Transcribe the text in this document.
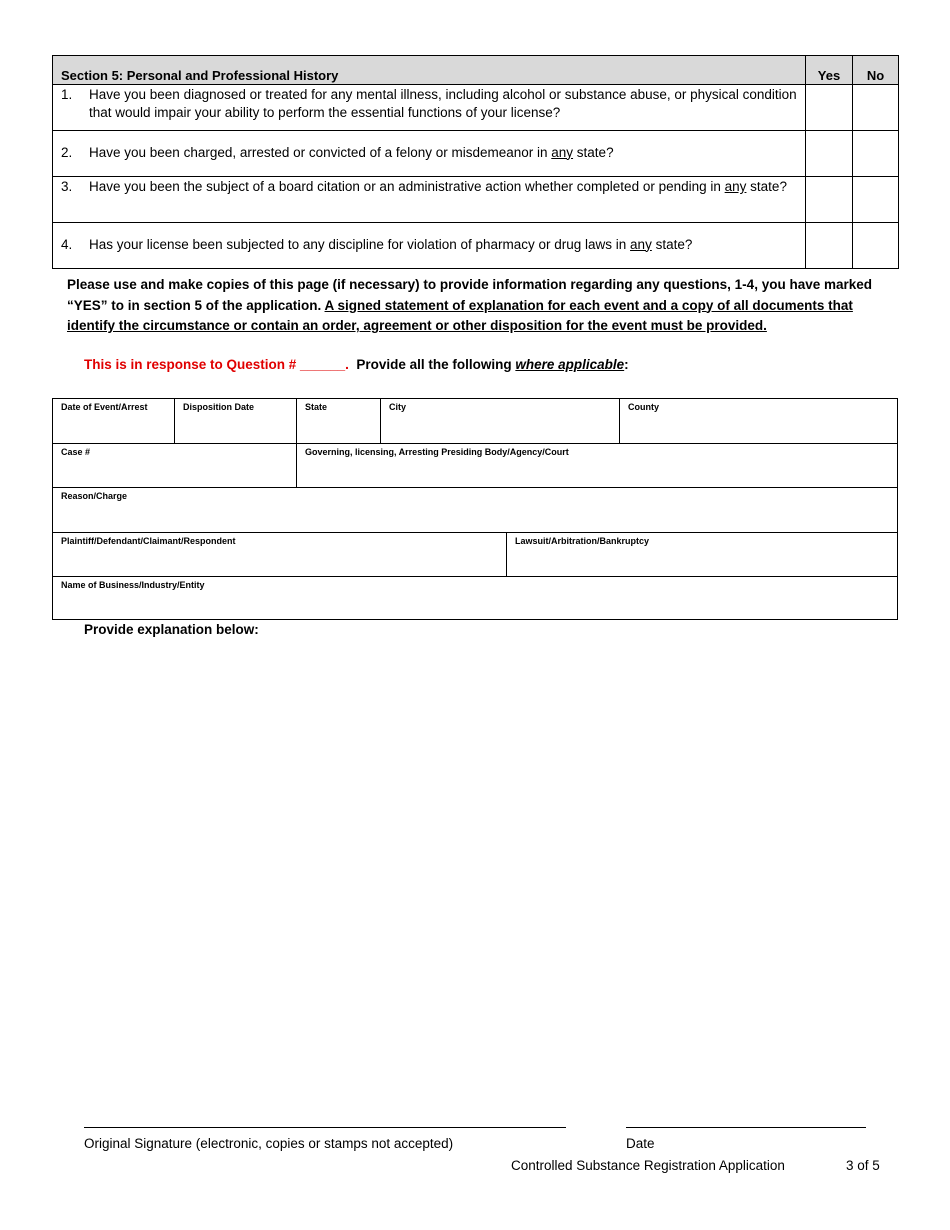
Section 5: Personal and Professional History	Yes	No

1. Have you been diagnosed or treated for any mental illness, including alcohol or substance abuse, or physical condition that would impair your ability to perform the essential functions of your license?		

2. Have you been charged, arrested or convicted of a felony or misdemeanor in any state?		

3. Have you been the subject of a board citation or an administrative action whether completed or pending in any state?		

4. Has your license been subjected to any discipline for violation of pharmacy or drug laws in any state?		

Please use and make copies of this page (if necessary) to provide information regarding any questions, 1-4, you have marked “YES” to in section 5 of the application. A signed statement of explanation for each event and a copy of all documents that identify the circumstance or contain an order, agreement or other disposition for the event must be provided.
This is in response to Question # ______. Provide all the following where applicable:
Date of Event/Arrest	Disposition Date	State	City	County
Case #	Governing, licensing, Arresting Presiding Body/Agency/Court
Reason/Charge
Plaintiff/Defendant/Claimant/Respondent	Lawsuit/Arbitration/Bankruptcy
Name of Business/Industry/Entity
Provide explanation below:
Original Signature (electronic, copies or stamps not accepted)	Date
Controlled Substance Registration Application	3 of 5
